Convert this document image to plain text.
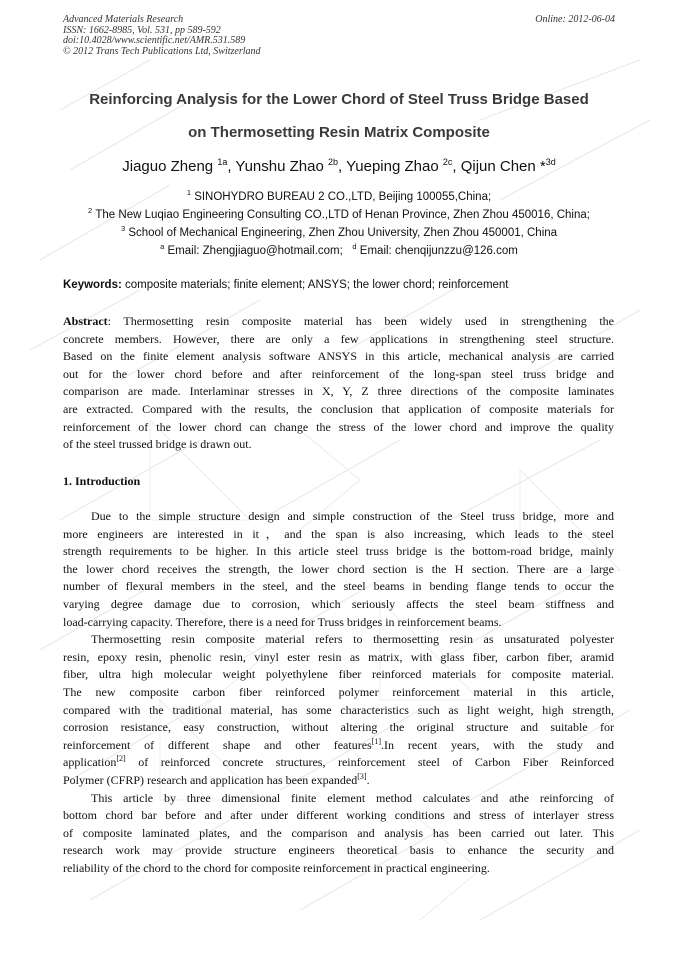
Advanced Materials Research
ISSN: 1662-8985, Vol. 531, pp 589-592
doi:10.4028/www.scientific.net/AMR.531.589
© 2012 Trans Tech Publications Ltd, Switzerland
Online: 2012-06-04
Reinforcing Analysis for the Lower Chord of Steel Truss Bridge Based
on Thermosetting Resin Matrix Composite
Jiaguo Zheng $^{1a}$, Yunshu Zhao $^{2b}$, Yueping Zhao $^{2c}$, Qijun Chen *$^{3d}$
$^1$ SINOHYDRO BUREAU 2 CO.,LTD, Beijing 100055,China;
$^2$ The New Luqiao Engineering Consulting CO.,LTD of Henan Province, Zhen Zhou 450016, China;
$^3$ School of Mechanical Engineering, Zhen Zhou University, Zhen Zhou 450001, China
$^a$ Email: Zhengjiaguo@hotmail.com; $^d$ Email: chenqijunzzu@126.com
Keywords: composite materials; finite element; ANSYS; the lower chord; reinforcement
Abstract: Thermosetting resin composite material has been widely used in strengthening the
concrete members. However, there are only a few applications in strengthening steel structure.
Based on the finite element analysis software ANSYS in this article, mechanical analysis are carried
out for the lower chord before and after reinforcement of the long-span steel truss bridge and
comparison are made. Interlaminar stresses in X, Y, Z three directions of the composite laminates
are extracted. Compared with the results, the conclusion that application of composite materials for
reinforcement of the lower chord can change the stress of the lower chord and improve the quality
of the steel trussed bridge is drawn out.
1. Introduction
Due to the simple structure design and simple construction of the Steel truss bridge, more and
more engineers are interested in it，and the span is also increasing, which leads to the steel
strength requirements to be higher. In this article steel truss bridge is the bottom-road bridge, mainly
the lower chord receives the strength, the lower chord section is the H section. There are a large
number of flexural members in the steel, and the steel beams in bending flange tends to occur the
varying degree damage due to corrosion, which seriously affects the steel beam stiffness and
load-carrying capacity. Therefore, there is a need for Truss bridges in reinforcement beams.
Thermosetting resin composite material refers to thermosetting resin as unsaturated polyester
resin, epoxy resin, phenolic resin, vinyl ester resin as matrix, with glass fiber, carbon fiber, aramid
fiber, ultra high molecular weight polyethylene fiber reinforced materials for composite material.
The new composite carbon fiber reinforced polymer reinforcement material in this article,
compared with the traditional material, has some characteristics such as light weight, high strength,
corrosion resistance, easy construction, without altering the original structure and suitable for
reinforcement of different shape and other features[1].In recent years, with the study and
application[2] of reinforced concrete structures, reinforcement steel of Carbon Fiber Reinforced
Polymer (CFRP) research and application has been expanded[3].
This article by three dimensional finite element method calculates and athe reinforcing of
bottom chord bar before and after under different working conditions and stress of interlayer stress
of composite laminated plates, and the comparison and analysis has been carried out later. This
research work may provide structure engineers theoretical basis to enhance the security and
reliability of the chord to the chord for composite reinforcement in practical engineering.
